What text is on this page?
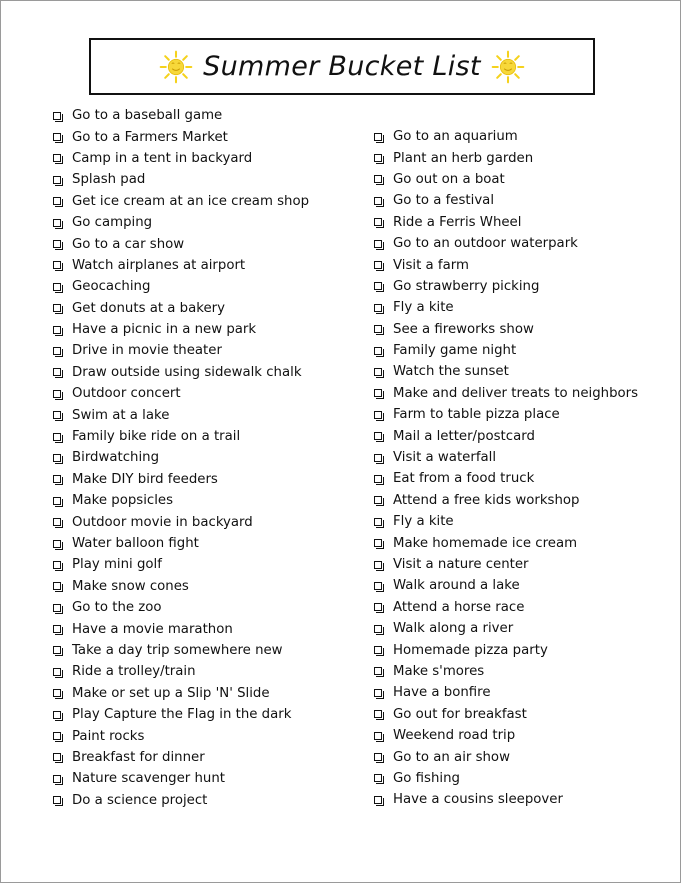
Summer Bucket List
Go to a baseball game
Go to a Farmers Market
Camp in a tent in backyard
Splash pad
Get ice cream at an ice cream shop
Go camping
Go to a car show
Watch airplanes at airport
Geocaching
Get donuts at a bakery
Have a picnic in a new park
Drive in movie theater
Draw outside using sidewalk chalk
Outdoor concert
Swim at a lake
Family bike ride on a trail
Birdwatching
Make DIY bird feeders
Make popsicles
Outdoor movie in backyard
Water balloon fight
Play mini golf
Make snow cones
Go to the zoo
Have a movie marathon
Take a day trip somewhere new
Ride a trolley/train
Make or set up a Slip 'N' Slide
Play Capture the Flag in the dark
Paint rocks
Breakfast for dinner
Nature scavenger hunt
Do a science project
Go to an aquarium
Plant an herb garden
Go out on a boat
Go to a festival
Ride a Ferris Wheel
Go to an outdoor waterpark
Visit a farm
Go strawberry picking
Fly a kite
See a fireworks show
Family game night
Watch the sunset
Make and deliver treats to neighbors
Farm to table pizza place
Mail a letter/postcard
Visit a waterfall
Eat from a food truck
Attend a free kids workshop
Fly a kite
Make homemade ice cream
Visit a nature center
Walk around a lake
Attend a horse race
Walk along a river
Homemade pizza party
Make s'mores
Have a bonfire
Go out for breakfast
Weekend road trip
Go to an air show
Go fishing
Have a cousins sleepover
